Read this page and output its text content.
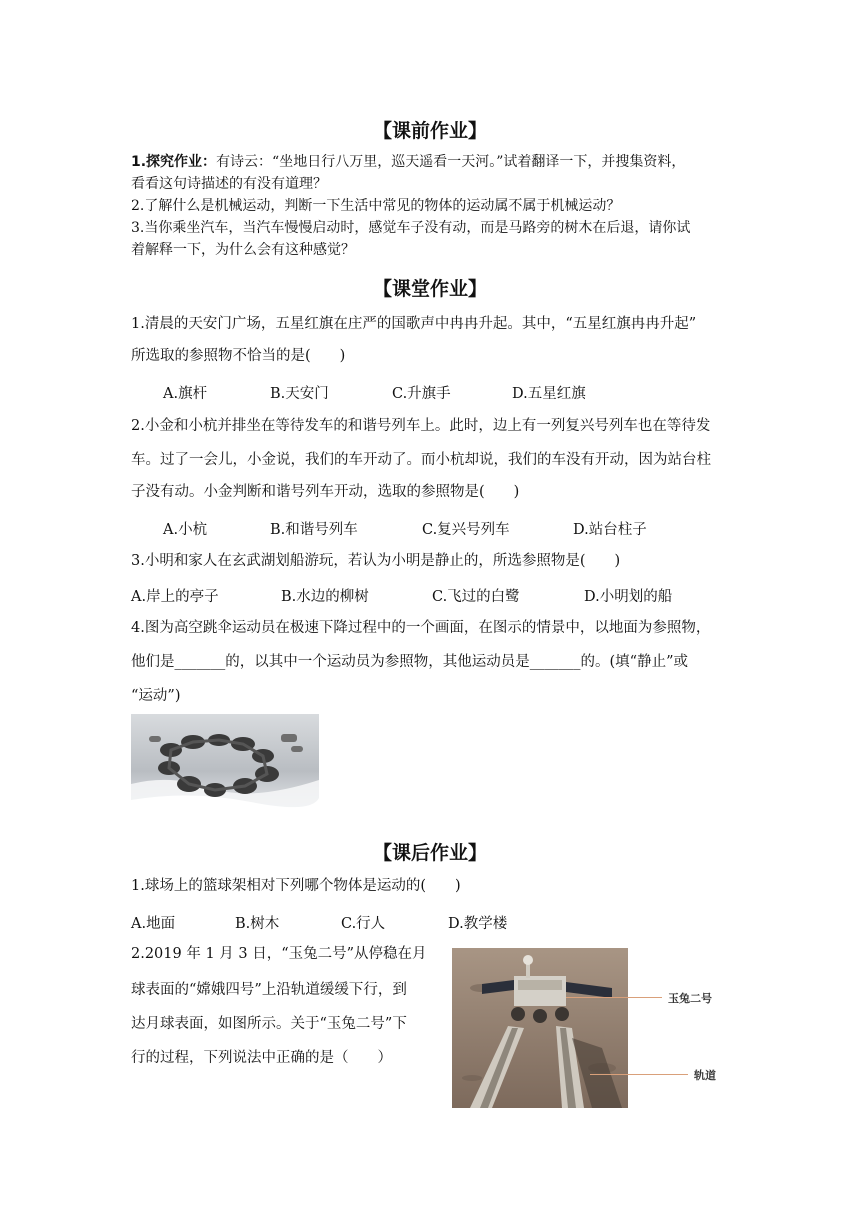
【课前作业】
1.探究作业：有诗云：“坐地日行八万里，巡天遥看一天河。”试着翻译一下，并搜集资料，
看看这句诗描述的有没有道理？
2.了解什么是机械运动，判断一下生活中常见的物体的运动属不属于机械运动？
3.当你乘坐汽车，当汽车慢慢启动时，感觉车子没有动，而是马路旁的树木在后退，请你试
着解释一下，为什么会有这种感觉？
【课堂作业】
1.清晨的天安门广场，五星红旗在庄严的国歌声中冉冉升起。其中，“五星红旗冉冉升起”
所选取的参照物不恰当的是(　　)
A.旗杆	B.天安门	C.升旗手	D.五星红旗
2.小金和小杭并排坐在等待发车的和谐号列车上。此时，边上有一列复兴号列车也在等待发
车。过了一会儿，小金说，我们的车开动了。而小杭却说，我们的车没有开动，因为站台柱
子没有动。小金判断和谐号列车开动，选取的参照物是(　　)
A.小杭	B.和谐号列车	C.复兴号列车	D.站台柱子
3.小明和家人在玄武湖划船游玩，若认为小明是静止的，所选参照物是(　　)
A.岸上的亭子	B.水边的柳树	C.飞过的白鹭	D.小明划的船
4.图为高空跳伞运动员在极速下降过程中的一个画面，在图示的情景中，以地面为参照物，
他们是_______的，以其中一个运动员为参照物，其他运动员是_______的。(填“静止”或
“运动”)
【课后作业】
1.球场上的篮球架相对下列哪个物体是运动的(　　)
A.地面	B.树木	C.行人	D.教学楼
2.2019 年 1 月 3 日，“玉兔二号”从停稳在月
球表面的“嫦娥四号”上沿轨道缓缓下行，到
达月球表面，如图所示。关于“玉兔二号”下
行的过程，下列说法中正确的是（　　）
玉兔二号
轨道
